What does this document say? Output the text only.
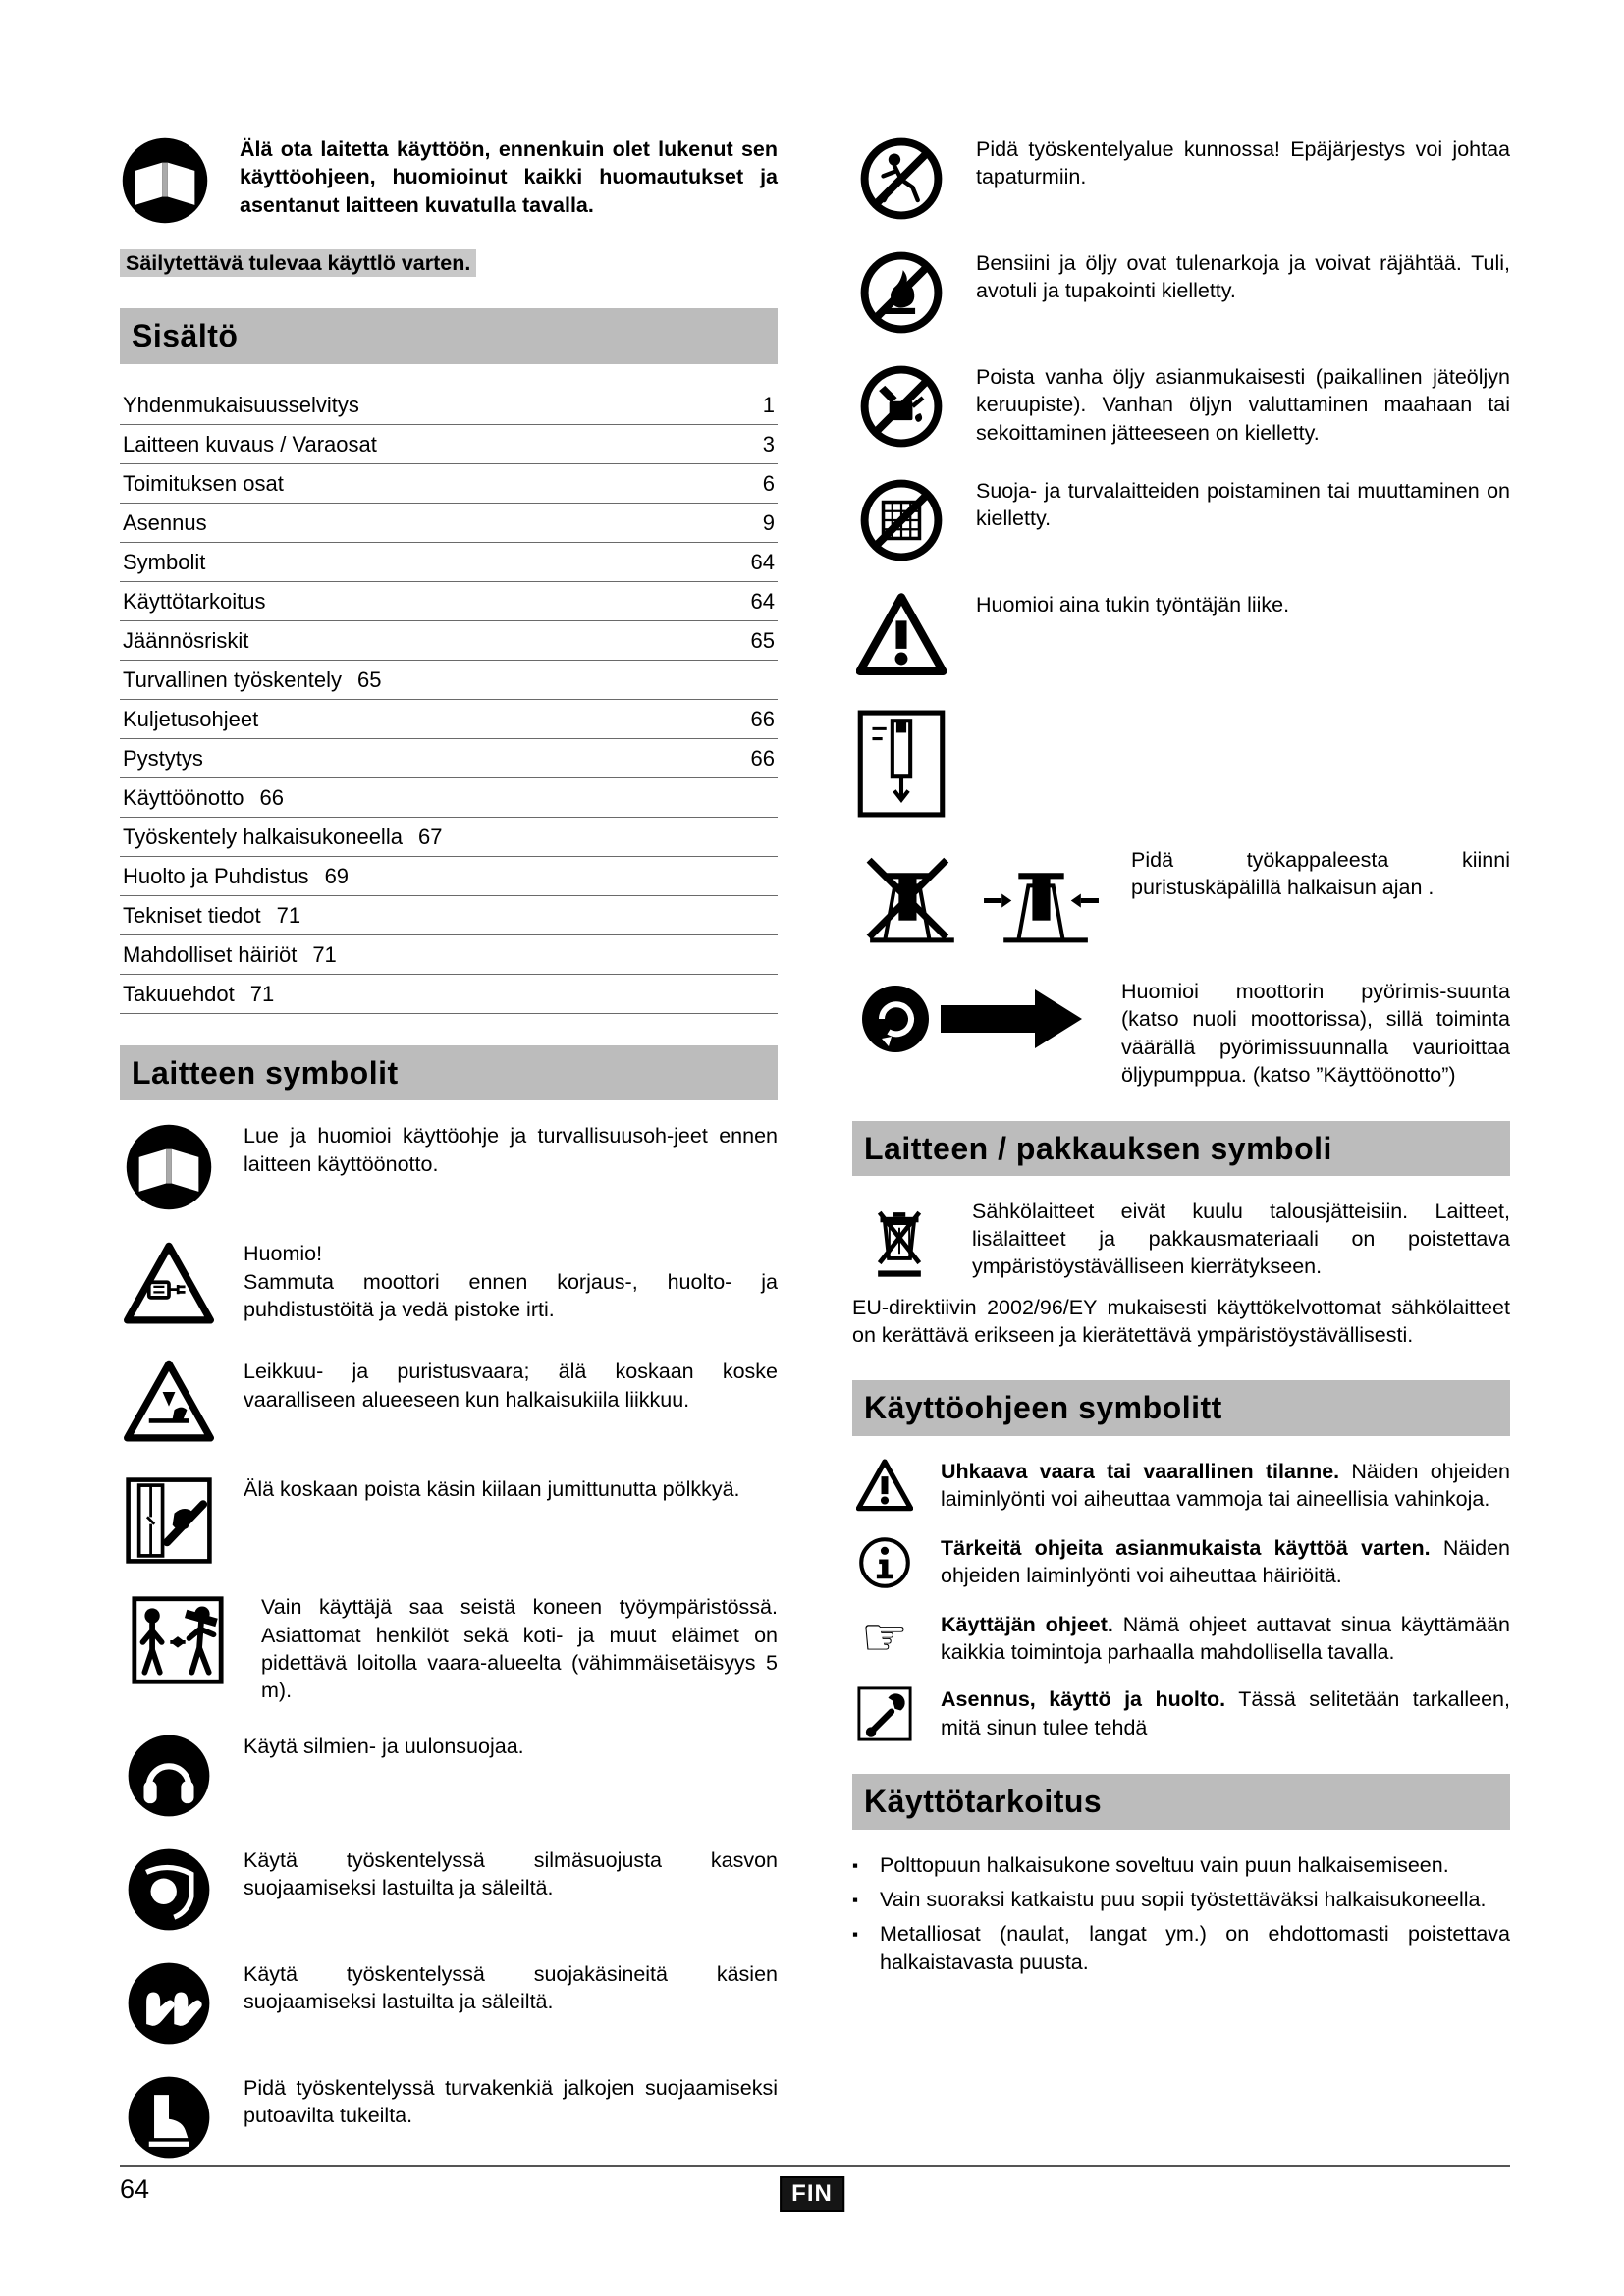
Älä ota laitetta käyttöön, ennenkuin olet lukenut sen käyttöohjeen, huomioinut kaikki huomautukset ja asentanut laitteen kuvatulla tavalla.

Säilytettävä tulevaa käyttlö varten.

Sisältö
Yhdenmukaisuusselvitys	1
Laitteen kuvaus / Varaosat	3
Toimituksen osat	6
Asennus	9
Symbolit	64
Käyttötarkoitus	64
Jäännösriskit	65
Turvallinen työskentely 65
Kuljetusohjeet	66
Pystytys	66
Käyttöönotto 66
Työskentely halkaisukoneella 67
Huolto ja Puhdistus 69
Tekniset tiedot 71
Mahdolliset häiriöt 71
Takuuehdot 71
Laitteen symbolit

Lue ja huomioi käyttöohje ja turvallisuusoh-jeet ennen laitteen käyttöönotto.

Huomio!

Sammuta moottori ennen korjaus-, huolto- ja puhdistustöitä ja vedä pistoke irti.

Leikkuu- ja puristusvaara; älä koskaan koske vaaralliseen alueeseen kun halkaisukiila liikkuu.

Älä koskaan poista käsin kiilaan jumittunutta pölkkyä.

Vain käyttäjä saa seistä koneen työympäristössä. Asiattomat henkilöt sekä koti- ja muut eläimet on pidettävä loitolla vaara-alueelta (vähimmäisetäisyys 5 m).

Käytä silmien- ja uulonsuojaa.

Käytä työskentelyssä silmäsuojusta kasvon suojaamiseksi lastuilta ja säleiltä.

Käytä työskentelyssä suojakäsineitä käsien suojaamiseksi lastuilta ja säleiltä.

Pidä työskentelyssä turvakenkiä jalkojen suojaamiseksi putoavilta tukeilta.

Pidä työskentelyalue kunnossa! Epäjärjestys voi johtaa tapaturmiin.

Bensiini ja öljy ovat tulenarkoja ja voivat räjähtää. Tuli, avotuli ja tupakointi kielletty.

Poista vanha öljy asianmukaisesti (paikallinen jäteöljyn keruupiste). Vanhan öljyn valuttaminen maahaan tai sekoittaminen jätteeseen on kielletty.

Suoja- ja turvalaitteiden poistaminen tai muuttaminen on kielletty.

Huomioi aina tukin työntäjän liike.

Pidä työkappaleesta kiinni puristuskäpälillä halkaisun ajan .

Huomioi moottorin pyörimis-suunta (katso nuoli moottorissa), sillä toiminta väärällä pyörimissuunnalla vaurioittaa öljypumppua. (katso ”Käyttöönotto”)

Laitteen / pakkauksen symboli

Sähkölaitteet eivät kuulu talousjätteisiin. Laitteet, lisälaitteet ja pakkausmateriaali on poistettava ympäristöystävälliseen kierrätykseen.

EU-direktiivin 2002/96/EY mukaisesti käyttökelvottomat sähkölaitteet on kerättävä erikseen ja kierätettävä ympäristöystävällisesti.

Käyttöohjeen symbolitt

Uhkaava vaara tai vaarallinen tilanne. Näiden ohjeiden laiminlyönti voi aiheuttaa vammoja tai aineellisia vahinkoja.

Tärkeitä ohjeita asianmukaista käyttöä varten. Näiden ohjeiden laiminlyönti voi aiheuttaa häiriöitä.

☞ Käyttäjän ohjeet. Nämä ohjeet auttavat sinua käyttämään kaikkia toimintoja parhaalla mahdollisella tavalla.

Asennus, käyttö ja huolto. Tässä selitetään tarkalleen, mitä sinun tulee tehdä

Käyttötarkoitus
▪ Polttopuun halkaisukone soveltuu vain puun halkaisemiseen.
▪ Vain suoraksi katkaistu puu sopii työstettäväksi halkaisukoneella.
▪ Metalliosat (naulat, langat ym.) on ehdottomasti poistettava halkaistavasta puusta.
64	FIN
